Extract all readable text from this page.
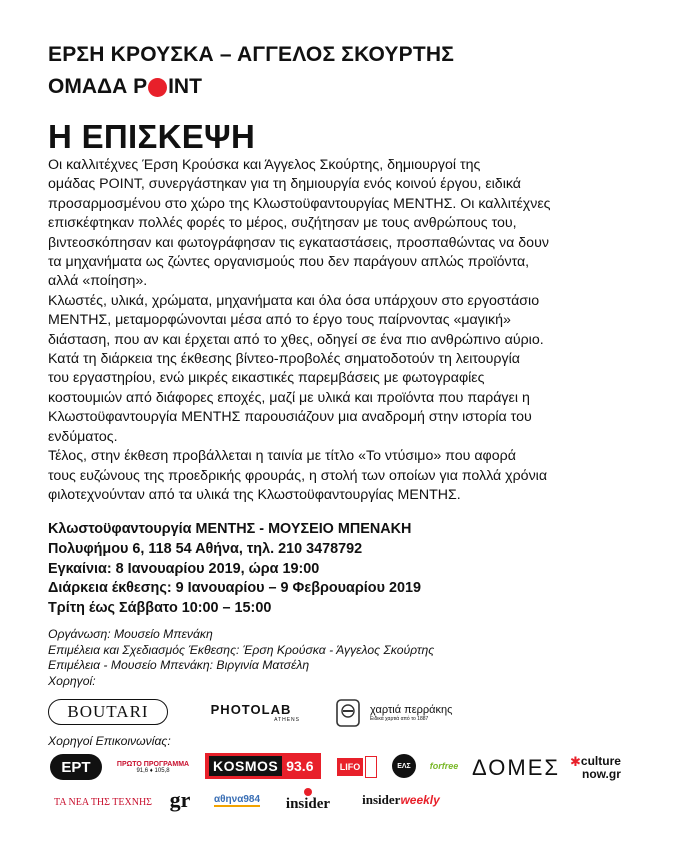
ΕΡΣΗ ΚΡΟΥΣΚΑ – ΑΓΓΕΛΟΣ ΣΚΟΥΡΤΗΣ
ΟΜΑΔΑ P INT
Η ΕΠΙΣΚΕΨΗ

Οι καλλιτέχνες Έρση Κρούσκα και Άγγελος Σκούρτης, δημιουργοί της

ομάδας POINT, συνεργάστηκαν για τη δημιουργία ενός κοινού έργου, ειδικά

προσαρμοσμένου στο χώρο της Κλωστοϋφαντουργίας ΜΕΝΤΗΣ. Οι καλλιτέχνες

επισκέφτηκαν πολλές φορές το μέρος, συζήτησαν με τους ανθρώπους του,

βιντεοσκόπησαν και φωτογράφησαν τις εγκαταστάσεις, προσπαθώντας να δουν

τα μηχανήματα ως ζώντες οργανισμούς που δεν παράγουν απλώς προϊόντα,

αλλά «ποίηση».

Κλωστές, υλικά, χρώματα, μηχανήματα και όλα όσα υπάρχουν στο εργοστάσιο

ΜΕΝΤΗΣ, μεταμορφώνονται μέσα από το έργο τους παίρνοντας «μαγική»

διάσταση, που αν και έρχεται από το χθες, οδηγεί σε ένα πιο ανθρώπινο αύριο.

Κατά τη διάρκεια της έκθεσης βίντεο-προβολές σηματοδοτούν τη λειτουργία

του εργαστηρίου, ενώ μικρές εικαστικές παρεμβάσεις με φωτογραφίες

κοστουμιών από διάφορες εποχές, μαζί με υλικά και προϊόντα που παράγει η

Κλωστοϋφαντουργία ΜΕΝΤΗΣ παρουσιάζουν μια αναδρομή στην ιστορία του

ενδύματος.

Τέλος, στην έκθεση προβάλλεται η ταινία με τίτλο «Το ντύσιμο» που αφορά

τους ευζώνους της προεδρικής φρουράς, η στολή των οποίων για πολλά χρόνια

φιλοτεχνούνταν από τα υλικά της Κλωστοϋφαντουργίας ΜΕΝΤΗΣ.

Κλωστοϋφαντουργία ΜΕΝΤΗΣ - ΜΟΥΣΕΙΟ ΜΠΕΝΑΚΗ
Πολυφήμου 6, 118 54 Αθήνα, τηλ. 210 3478792
Εγκαίνια: 8 Ιανουαρίου 2019, ώρα 19:00
Διάρκεια έκθεσης: 9 Ιανουαρίου – 9 Φεβρουαρίου 2019
Τρίτη έως Σάββατο 10:00 – 15:00
Οργάνωση: Μουσείο Μπενάκη
Επιμέλεια και Σχεδιασμός Έκθεσης: Έρση Κρούσκα - Άγγελος Σκούρτης
Επιμέλεια - Μουσείο Μπενάκη: Βιργινία Ματσέλη
Χορηγοί:
BOUTARI	PHOTOLAB
ATHENS
χαρτιά περράκης
Ειδικά χαρτιά από το 1887
Χορηγοί Επικοινωνίας:
ΕΡΤ	ΠΡΩΤΟ ΠΡΟΓΡΑΜΜΑ
91,6 ♦ 105,8	KOSMOS 93.6	LIFO	ΕΛΣ forfree ΔΟΜΕΣ ✱ culture
now.gr
ΤΑ ΝΕΑ ΤΗΣ ΤΕΧΝΗΣ gr αθηνα984 insider insider weekly
